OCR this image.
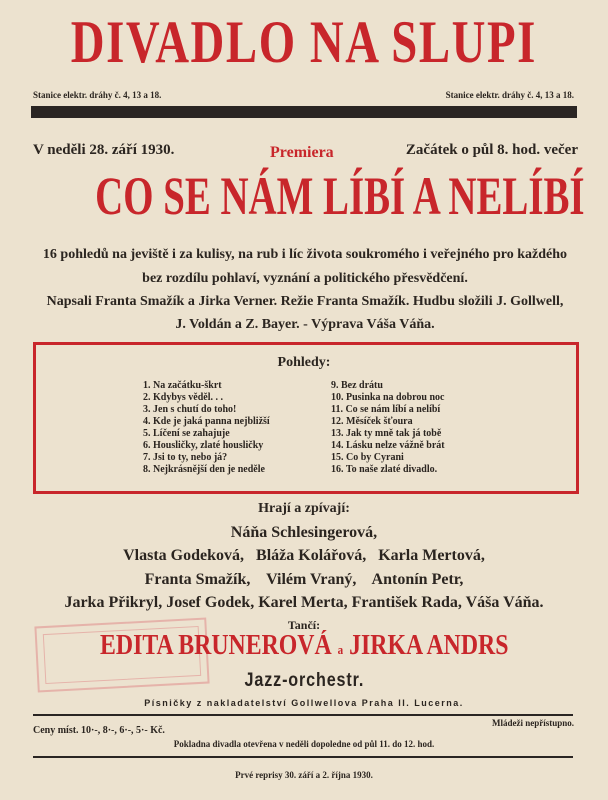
DIVADLO NA SLUPI
Stanice elektr. dráhy č. 4, 13 a 18.	Stanice elektr. dráhy č. 4, 13 a 18.
V neděli 28. září 1930.	Premiera	Začátek o půl 8. hod. večer
CO SE NÁM LÍBÍ A NELÍBÍ
16 pohledů na jeviště i za kulisy, na rub i líc života soukromého i veřejného pro každého
bez rozdílu pohlaví, vyznání a politického přesvědčení.
Napsali Franta Smažík a Jirka Verner. Režie Franta Smažík. Hudbu složili J. Gollwell,
J. Voldán a Z. Bayer. - Výprava Váša Váňa.
Pohledy:
1. Na začátku-škrt
2. Kdybys věděl. . .
3. Jen s chutí do toho!
4. Kde je jaká panna nejbližší
5. Líčení se zahajuje
6. Housličky, zlaté housličky
7. Jsi to ty, nebo já?
8. Nejkrásnější den je neděle
9. Bez drátu
10. Pusinka na dobrou noc
11. Co se nám líbí a nelíbí
12. Měsíček šťoura
13. Jak ty mně tak já tobě
14. Lásku nelze vážně brát
15. Co by Cyrani
16. To naše zlaté divadlo.
Hrají a zpívají:
Náňa Schlesingerová,
Vlasta Godeková,   Bláža Kolářová,   Karla Mertová,
Franta Smažík,    Vilém Vraný,    Antonín Petr,
Jarka Přikryl, Josef Godek, Karel Merta, František Rada, Váša Váňa.
Tančí:
EDITA BRUNEROVÁ a JIRKA ANDRS
Jazz-orchestr.
Písničky z nakladatelství Gollwellova Praha II. Lucerna.
Mládeži nepřístupno.
Ceny míst. 10·-, 8·-, 6·-, 5·- Kč.
Pokladna divadla otevřena v neděli dopoledne od půl 11. do 12. hod.
Prvé reprisy 30. září a 2. října 1930.
